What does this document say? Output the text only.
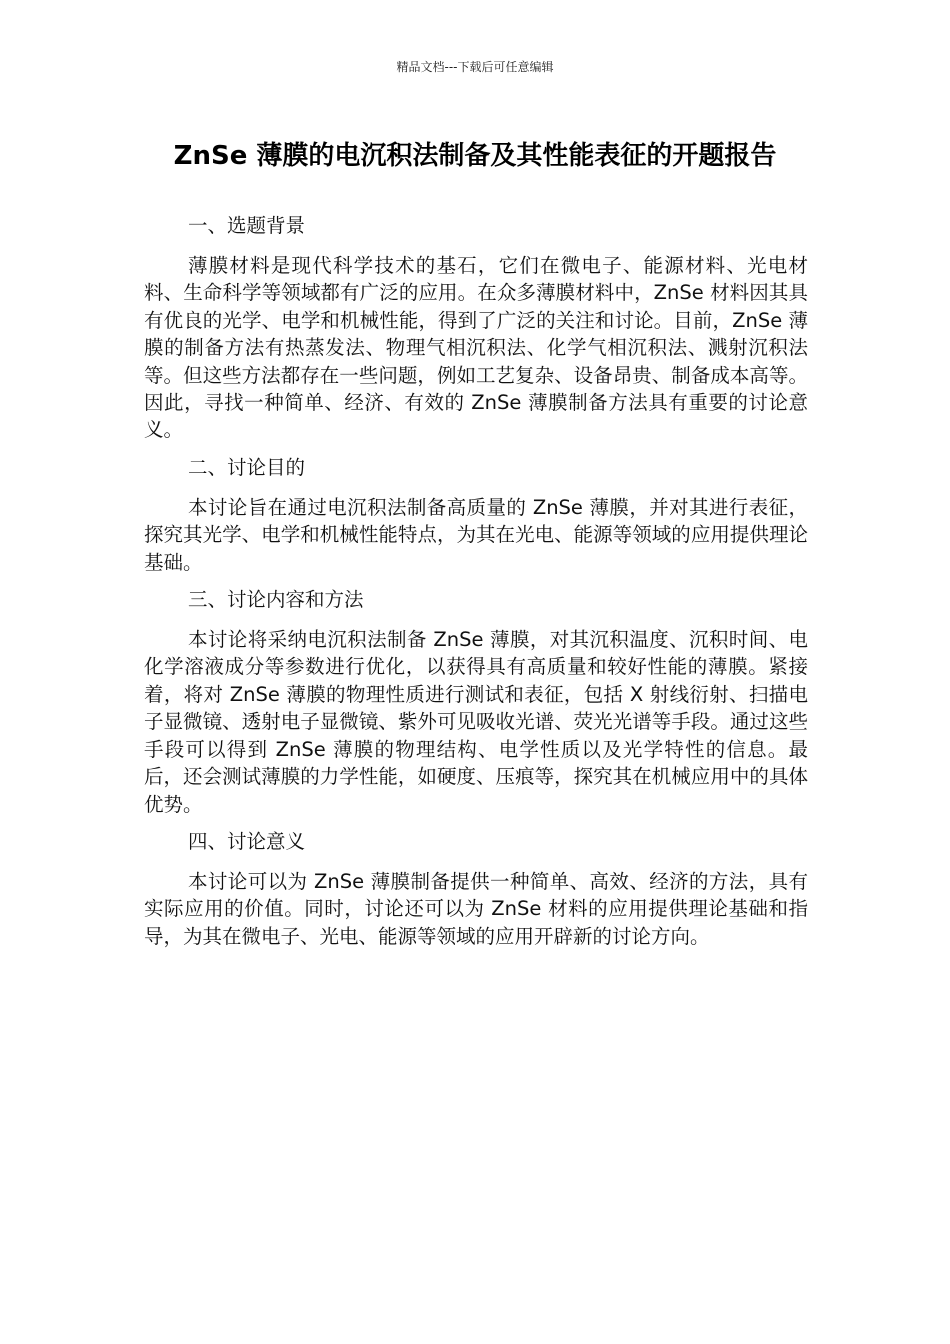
精品文档---下载后可任意编辑
ZnSe 薄膜的电沉积法制备及其性能表征的开题报告

一、选题背景

薄膜材料是现代科学技术的基石，它们在微电子、能源材料、光电材料、生命科学等领域都有广泛的应用。在众多薄膜材料中，ZnSe 材料因其具有优良的光学、电学和机械性能，得到了广泛的关注和讨论。目前，ZnSe 薄膜的制备方法有热蒸发法、物理气相沉积法、化学气相沉积法、溅射沉积法等。但这些方法都存在一些问题，例如工艺复杂、设备昂贵、制备成本高等。因此，寻找一种简单、经济、有效的 ZnSe 薄膜制备方法具有重要的讨论意义。

二、讨论目的

本讨论旨在通过电沉积法制备高质量的 ZnSe 薄膜，并对其进行表征，探究其光学、电学和机械性能特点，为其在光电、能源等领域的应用提供理论基础。

三、讨论内容和方法

本讨论将采纳电沉积法制备 ZnSe 薄膜，对其沉积温度、沉积时间、电化学溶液成分等参数进行优化，以获得具有高质量和较好性能的薄膜。紧接着，将对 ZnSe 薄膜的物理性质进行测试和表征，包括 X 射线衍射、扫描电子显微镜、透射电子显微镜、紫外可见吸收光谱、荧光光谱等手段。通过这些手段可以得到 ZnSe 薄膜的物理结构、电学性质以及光学特性的信息。最后，还会测试薄膜的力学性能，如硬度、压痕等，探究其在机械应用中的具体优势。

四、讨论意义

本讨论可以为 ZnSe 薄膜制备提供一种简单、高效、经济的方法，具有实际应用的价值。同时，讨论还可以为 ZnSe 材料的应用提供理论基础和指导，为其在微电子、光电、能源等领域的应用开辟新的讨论方向。
